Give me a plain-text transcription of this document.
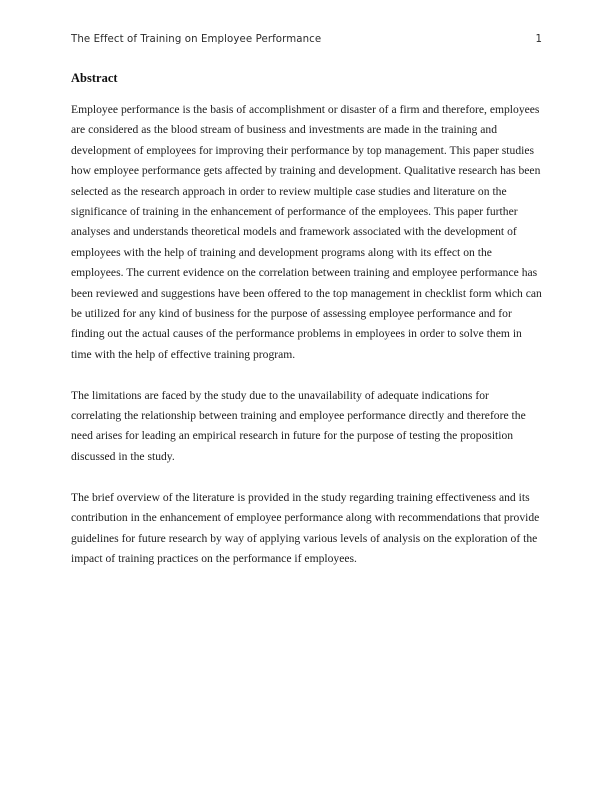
The Effect of Training on Employee Performance	1
Abstract

Employee performance is the basis of accomplishment or disaster of a firm and therefore, employees are considered as the blood stream of business and investments are made in the training and development of employees for improving their performance by top management. This paper studies how employee performance gets affected by training and development. Qualitative research has been selected as the research approach in order to review multiple case studies and literature on the significance of training in the enhancement of performance of the employees. This paper further analyses and understands theoretical models and framework associated with the development of employees with the help of training and development programs along with its effect on the employees. The current evidence on the correlation between training and employee performance has been reviewed and suggestions have been offered to the top management in checklist form which can be utilized for any kind of business for the purpose of assessing employee performance and for finding out the actual causes of the performance problems in employees in order to solve them in time with the help of effective training program.

The limitations are faced by the study due to the unavailability of adequate indications for correlating the relationship between training and employee performance directly and therefore the need arises for leading an empirical research in future for the purpose of testing the proposition discussed in the study.

The brief overview of the literature is provided in the study regarding training effectiveness and its contribution in the enhancement of employee performance along with recommendations that provide guidelines for future research by way of applying various levels of analysis on the exploration of the impact of training practices on the performance if employees.
